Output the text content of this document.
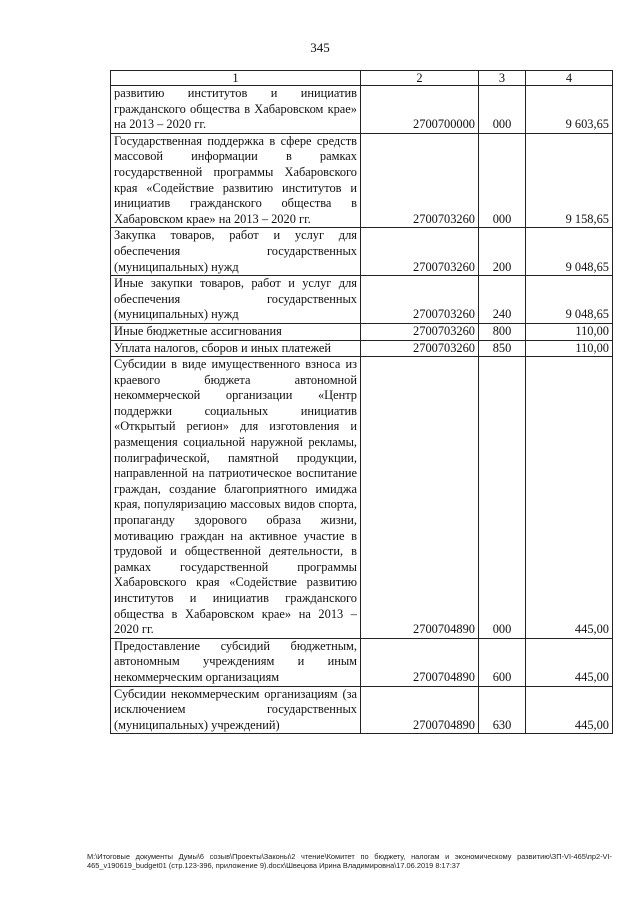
345
1	2	3	4
развитию институтов и инициатив гражданского общества в Хабаровском крае» на 2013 – 2020 гг.	2700700000	000	9 603,65
Государственная поддержка в сфере средств массовой информации в рамках государственной программы Хабаровского края «Содействие развитию институтов и инициатив гражданского общества в Хабаровском крае» на 2013 – 2020 гг.	2700703260	000	9 158,65
Закупка товаров, работ и услуг для обеспечения государственных (муниципальных) нужд	2700703260	200	9 048,65
Иные закупки товаров, работ и услуг для обеспечения государственных (муниципальных) нужд	2700703260	240	9 048,65
Иные бюджетные ассигнования	2700703260	800	110,00
Уплата налогов, сборов и иных платежей	2700703260	850	110,00
Субсидии в виде имущественного взноса из краевого бюджета автономной некоммерческой организации «Центр поддержки социальных инициатив «Открытый регион» для изготовления и размещения социальной наружной рекламы, полиграфической, памятной продукции, направленной на патриотическое воспитание граждан, создание благоприятного имиджа края, популяризацию массовых видов спорта, пропаганду здорового образа жизни, мотивацию граждан на активное участие в трудовой и общественной деятельности, в рамках государственной программы Хабаровского края «Содействие развитию институтов и инициатив гражданского общества в Хабаровском крае» на 2013 – 2020 гг.	2700704890	000	445,00
Предоставление субсидий бюджетным, автономным учреждениям и иным некоммерческим организациям	2700704890	600	445,00
Субсидии некоммерческим организациям (за исключением государственных (муниципальных) учреждений)	2700704890	630	445,00
M:\Итоговые документы Думы\6 созыв\Проекты\Законы\2 чтение\Комитет по бюджету, налогам и экономическому развитию\ЗП-VI-465\пр2-VI-465_v190619_budget01 (стр.123-396, приложение 9).docx\Швецова Ирина Владимировна\17.06.2019 8:17:37
